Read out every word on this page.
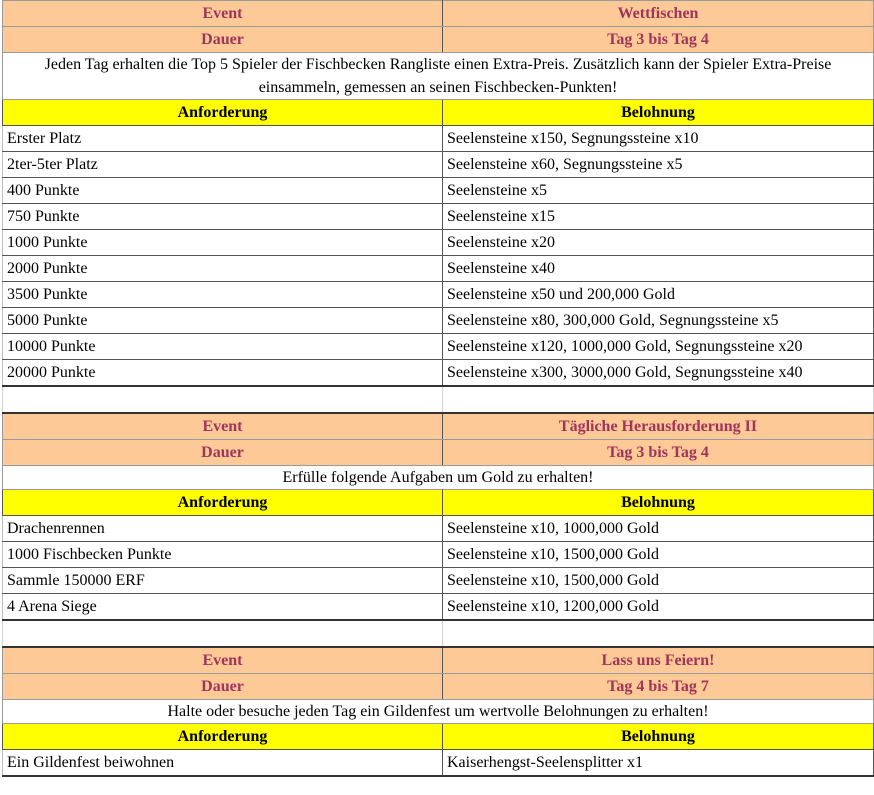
Event	Wettfischen
Dauer	Tag 3 bis Tag 4
Jeden Tag erhalten die Top 5 Spieler der Fischbecken Rangliste einen Extra-Preis. Zusätzlich kann der Spieler Extra-Preise einsammeln, gemessen an seinen Fischbecken-Punkten!	
Anforderung	Belohnung
Erster Platz	Seelensteine x150, Segnungssteine x10
2ter-5ter Platz	Seelensteine x60, Segnungssteine x5
400 Punkte	Seelensteine x5
750 Punkte	Seelensteine x15
1000 Punkte	Seelensteine x20
2000 Punkte	Seelensteine x40
3500 Punkte	Seelensteine x50 und 200,000 Gold
5000 Punkte	Seelensteine x80, 300,000 Gold, Segnungssteine x5
10000 Punkte	Seelensteine x120, 1000,000 Gold, Segnungssteine x20
20000 Punkte	Seelensteine x300, 3000,000 Gold, Segnungssteine x40

Event	Tägliche Herausforderung II
Dauer	Tag 3 bis Tag 4
Erfülle folgende Aufgaben um Gold zu erhalten!	
Anforderung	Belohnung
Drachenrennen	Seelensteine x10, 1000,000 Gold
1000 Fischbecken Punkte	Seelensteine x10, 1500,000 Gold
Sammle 150000 ERF	Seelensteine x10, 1500,000 Gold
4 Arena Siege	Seelensteine x10, 1200,000 Gold

Event	Lass uns Feiern!
Dauer	Tag 4 bis Tag 7
Halte oder besuche jeden Tag ein Gildenfest um wertvolle Belohnungen zu erhalten!	
Anforderung	Belohnung
Ein Gildenfest beiwohnen	Kaiserhengst-Seelensplitter x1
